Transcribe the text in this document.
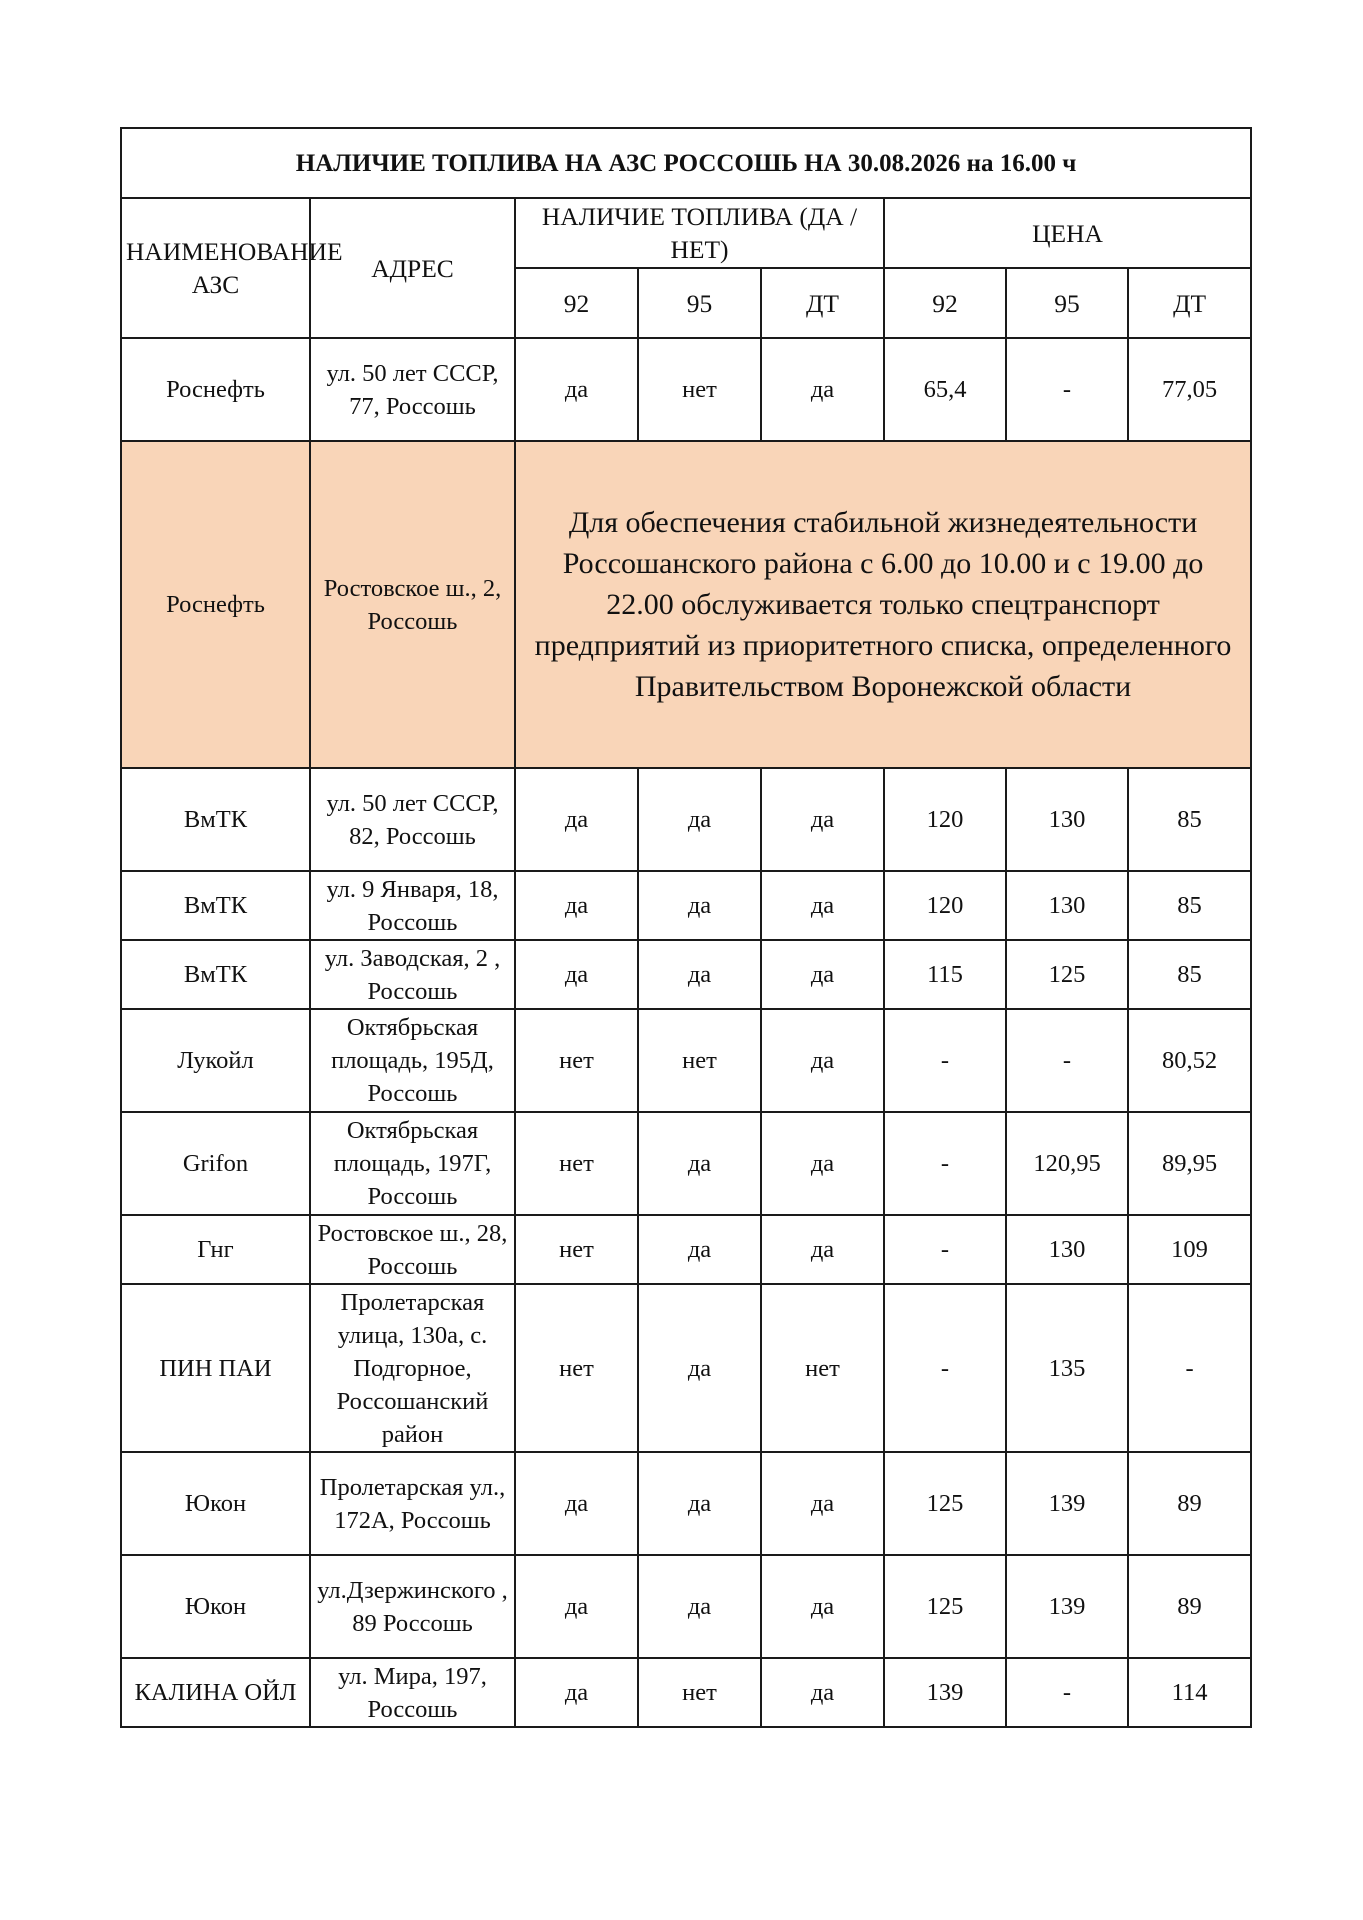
НАЛИЧИЕ ТОПЛИВА НА АЗС РОССОШЬ НА 30.08.2026 на 16.00 ч							
НАИМЕНОВАНИЕ АЗС	АДРЕС	НАЛИЧИЕ ТОПЛИВА (ДА / НЕТ)			ЦЕНА		
		92	95	ДТ	92	95	ДТ
Роснефть	ул. 50 лет СССР, 77, Россошь	да	нет	да	65,4	-	77,05
Роснефть	Ростовское ш., 2, Россошь	Для обеспечения стабильной жизнедеятельности Россошанского района с 6.00 до 10.00 и с 19.00 до 22.00 обслуживается только спецтранспорт предприятий из приоритетного списка, определенного Правительством Воронежской области					
ВмТК	ул. 50 лет СССР, 82, Россошь	да	да	да	120	130	85
ВмТК	ул. 9 Января, 18, Россошь	да	да	да	120	130	85
ВмТК	ул. Заводская, 2 , Россошь	да	да	да	115	125	85
Лукойл	Октябрьская площадь, 195Д, Россошь	нет	нет	да	-	-	80,52
Grifon	Октябрьская площадь, 197Г, Россошь	нет	да	да	-	120,95	89,95
Гнг	Ростовское ш., 28, Россошь	нет	да	да	-	130	109
ПИН ПАИ	Пролетарская улица, 130а, с. Подгорное, Россошанский район	нет	да	нет	-	135	-
Юкон	Пролетарская ул., 172А, Россошь	да	да	да	125	139	89
Юкон	ул.Дзержинского , 89 Россошь	да	да	да	125	139	89
КАЛИНА ОЙЛ	ул. Мира, 197, Россошь	да	нет	да	139	-	114
